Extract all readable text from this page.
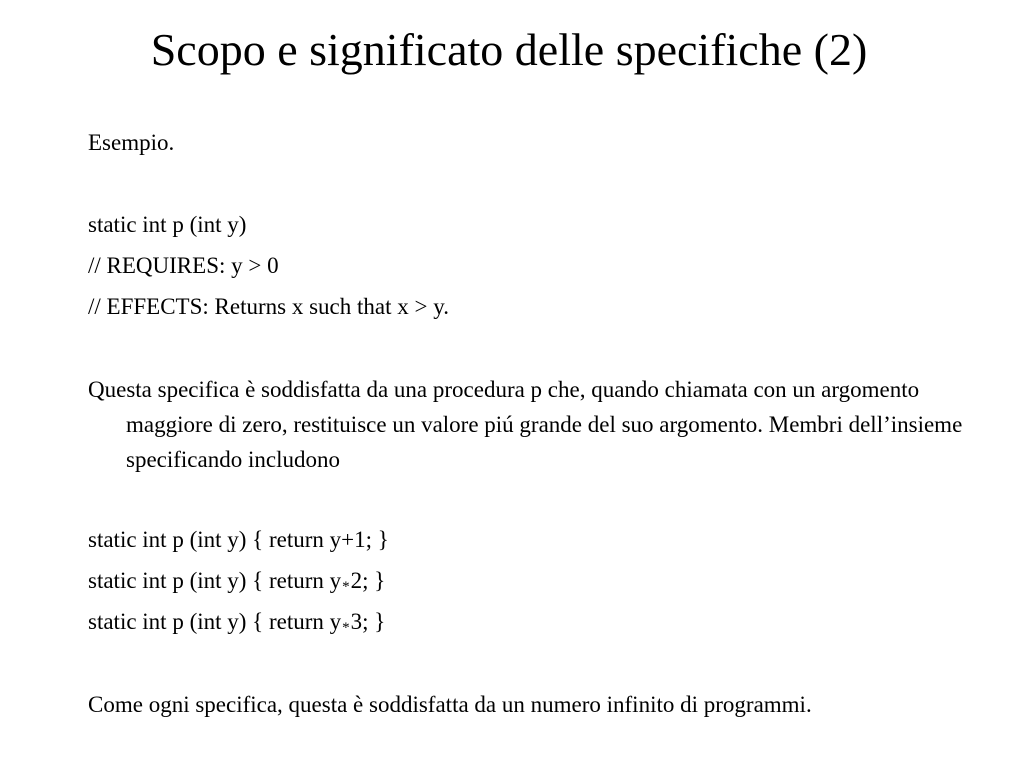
Scopo e significato delle specifiche (2)
Esempio.
static int p (int y)
// REQUIRES: y > 0
// EFFECTS: Returns x such that x > y.
Questa specifica è soddisfatta da una procedura p che, quando chiamata con un argomento maggiore di zero, restituisce un valore piú grande del suo argomento. Membri dell’insieme specificando includono
static int p (int y) { return y+1; }
static int p (int y) { return y*2; }
static int p (int y) { return y*3; }
Come ogni specifica, questa è soddisfatta da un numero infinito di programmi.
